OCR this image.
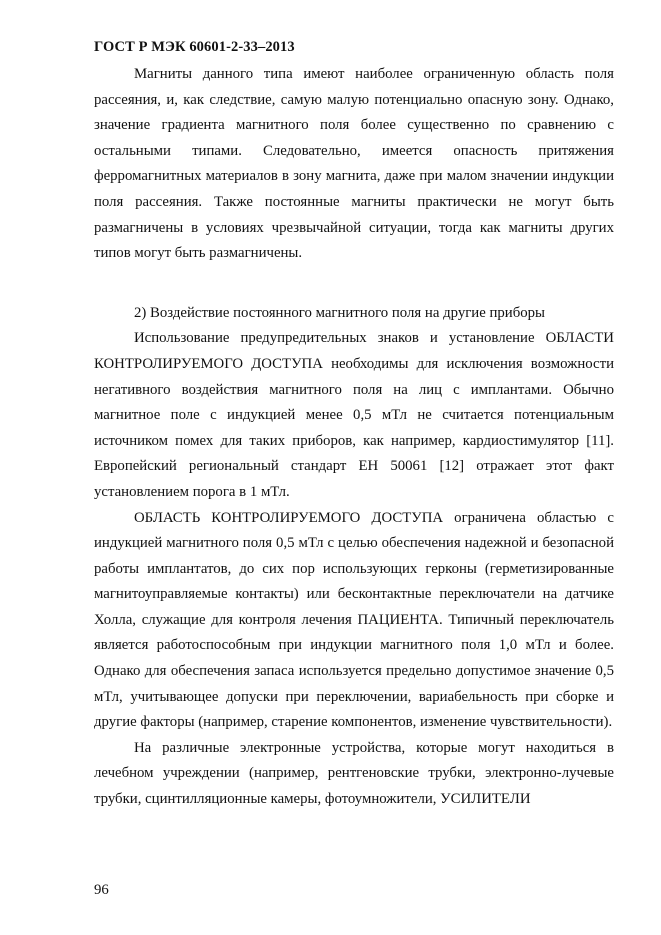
ГОСТ Р МЭК 60601-2-33–2013

Магниты данного типа имеют наиболее ограниченную область поля рассеяния, и, как следствие, самую малую потенциально опасную зону. Однако, значение градиента магнитного поля более существенно по сравнению с остальными типами. Следовательно, имеется опасность притяжения ферромагнитных материалов в зону магнита, даже при малом значении индукции поля рассеяния. Также постоянные магниты практически не могут быть размагничены в условиях чрезвычайной ситуации, тогда как магниты других типов могут быть размагничены.

2) Воздействие постоянного магнитного поля на другие приборы

Использование предупредительных знаков и установление ОБЛАСТИ КОНТРОЛИРУЕМОГО ДОСТУПА необходимы для исключения возможности негативного воздействия магнитного поля на лиц с имплантами. Обычно магнитное поле с индукцией менее 0,5 мТл не считается потенциальным источником помех для таких приборов, как например, кардиостимулятор [11]. Европейский региональный стандарт ЕН 50061 [12] отражает этот факт установлением порога в 1 мТл.

ОБЛАСТЬ КОНТРОЛИРУЕМОГО ДОСТУПА ограничена областью с индукцией магнитного поля 0,5 мТл с целью обеспечения надежной и безопасной работы имплантатов, до сих пор использующих герконы (герметизированные магнитоуправляемые контакты) или бесконтактные переключатели на датчике Холла, служащие для контроля лечения ПАЦИЕНТА. Типичный переключатель является работоспособным при индукции магнитного поля 1,0 мТл и более. Однако для обеспечения запаса используется предельно допустимое значение 0,5 мТл, учитывающее допуски при переключении, вариабельность при сборке и другие факторы (например, старение компонентов, изменение чувствительности).

На различные электронные устройства, которые могут находиться в лечебном учреждении (например, рентгеновские трубки, электронно-лучевые трубки, сцинтилляционные камеры, фотоумножители, УСИЛИТЕЛИ

96
